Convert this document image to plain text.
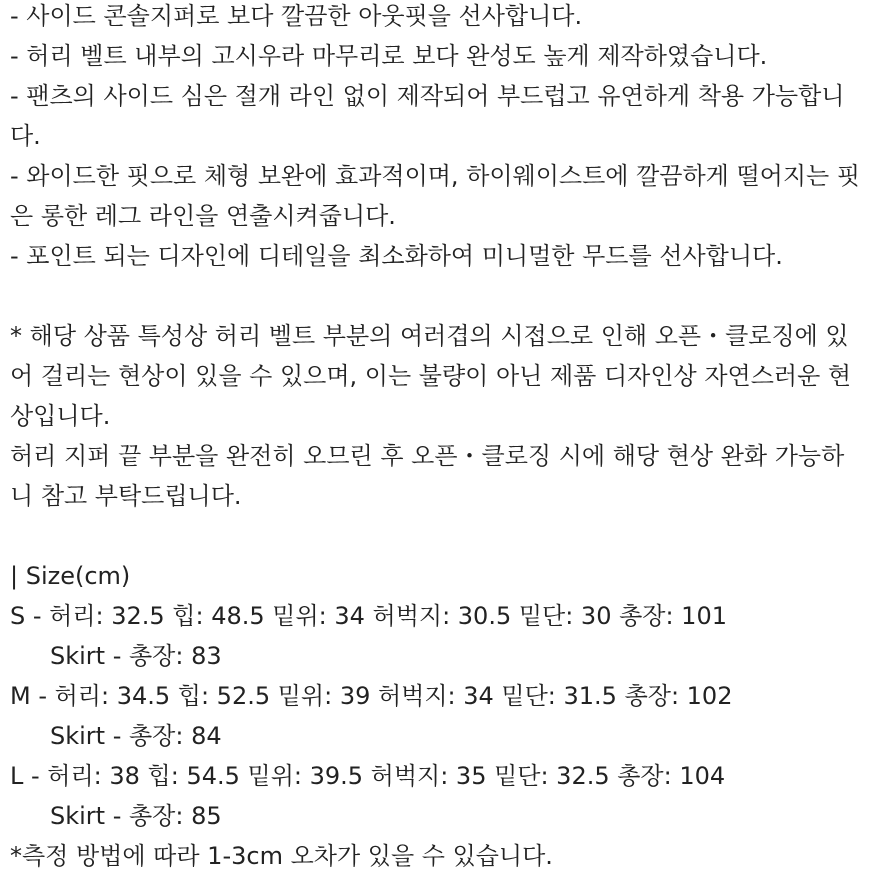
- 사이드 콘솔지퍼로 보다 깔끔한 아웃핏을 선사합니다.
- 허리 벨트 내부의 고시우라 마무리로 보다 완성도 높게 제작하였습니다.
- 팬츠의 사이드 심은 절개 라인 없이 제작되어 부드럽고 유연하게 착용 가능합니
다.
- 와이드한 핏으로 체형 보완에 효과적이며, 하이웨이스트에 깔끔하게 떨어지는 핏
은 롱한 레그 라인을 연출시켜줍니다.
- 포인트 되는 디자인에 디테일을 최소화하여 미니멀한 무드를 선사합니다.
* 해당 상품 특성상 허리 벨트 부분의 여러겹의 시접으로 인해 오픈・클로징에 있
어 걸리는 현상이 있을 수 있으며, 이는 불량이 아닌 제품 디자인상 자연스러운 현
상입니다.
허리 지퍼 끝 부분을 완전히 오므린 후 오픈・클로징 시에 해당 현상 완화 가능하
니 참고 부탁드립니다.
| Size(cm)
S - 허리: 32.5 힙: 48.5 밑위: 34 허벅지: 30.5 밑단: 30 총장: 101
Skirt - 총장: 83
M - 허리: 34.5 힙: 52.5 밑위: 39 허벅지: 34 밑단: 31.5 총장: 102
Skirt - 총장: 84
L - 허리: 38 힙: 54.5 밑위: 39.5 허벅지: 35 밑단: 32.5 총장: 104
Skirt - 총장: 85
*측정 방법에 따라 1-3cm 오차가 있을 수 있습니다.
